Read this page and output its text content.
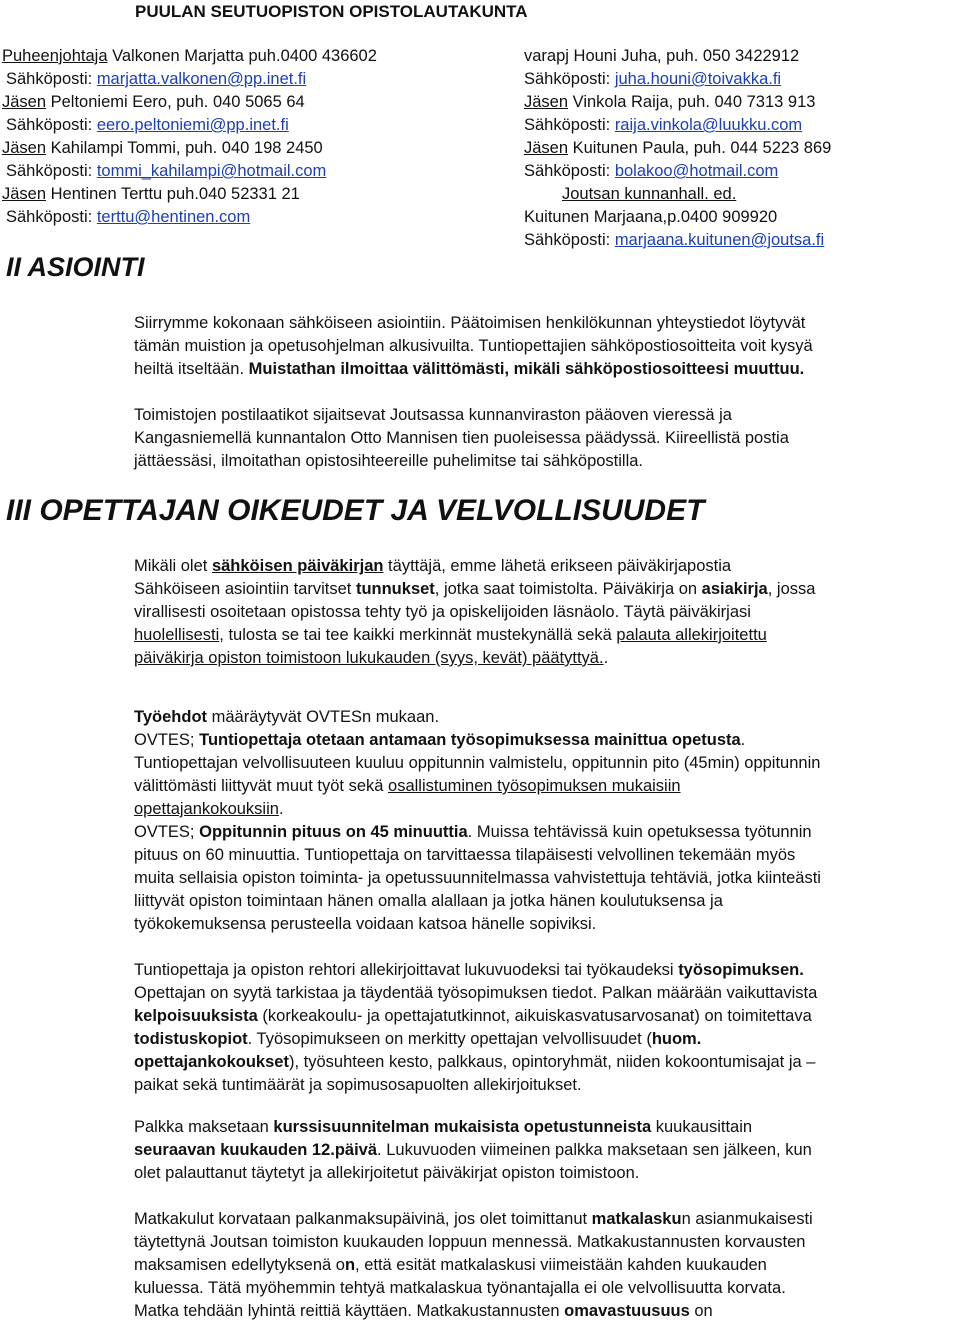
PUULAN SEUTUOPISTON OPISTOLAUTAKUNTA
Puheenjohtaja Valkonen Marjatta puh.0400 436602
Sähköposti: marjatta.valkonen@pp.inet.fi
Jäsen Peltoniemi Eero, puh. 040 5065 64
Sähköposti: eero.peltoniemi@pp.inet.fi
Jäsen Kahilampi Tommi, puh. 040 198 2450
Sähköposti: tommi_kahilampi@hotmail.com
Jäsen Hentinen Terttu puh.040 52331 21
Sähköposti: terttu@hentinen.com
varapj Houni Juha, puh. 050 3422912
Sähköposti: juha.houni@toivakka.fi
Jäsen Vinkola Raija, puh. 040 7313 913
Sähköposti: raija.vinkola@luukku.com
Jäsen Kuitunen Paula, puh. 044 5223 869
Sähköposti: bolakoo@hotmail.com
Joutsan kunnanhall. ed.
Kuitunen Marjaana,p.0400 909920
Sähköposti: marjaana.kuitunen@joutsa.fi
II ASIOINTI

Siirrymme kokonaan sähköiseen asiointiin. Päätoimisen henkilökunnan yhteystiedot löytyvät

tämän muistion ja opetusohjelman alkusivuilta. Tuntiopettajien sähköpostiosoitteita voit kysyä

heiltä itseltään. Muistathan ilmoittaa välittömästi, mikäli sähköpostiosoitteesi muuttuu.

Toimistojen postilaatikot sijaitsevat Joutsassa kunnanviraston pääoven vieressä ja

Kangasniemellä kunnantalon Otto Mannisen tien puoleisessa päädyssä. Kiireellistä postia

jättäessäsi, ilmoitathan opistosihteereille puhelimitse tai sähköpostilla.

III OPETTAJAN OIKEUDET JA VELVOLLISUUDET

Mikäli olet sähköisen päiväkirjan täyttäjä, emme lähetä erikseen päiväkirjapostia

Sähköiseen asiointiin tarvitset tunnukset, jotka saat toimistolta. Päiväkirja on asiakirja, jossa

virallisesti osoitetaan opistossa tehty työ ja opiskelijoiden läsnäolo. Täytä päiväkirjasi

huolellisesti, tulosta se tai tee kaikki merkinnät mustekynällä sekä palauta allekirjoitettu

päiväkirja opiston toimistoon lukukauden (syys, kevät) päätyttyä..

Työehdot määräytyvät OVTESn mukaan.

OVTES; Tuntiopettaja otetaan antamaan työsopimuksessa mainittua opetusta.

Tuntiopettajan velvollisuuteen kuuluu oppitunnin valmistelu, oppitunnin pito (45min) oppitunnin

välittömästi liittyvät muut työt sekä osallistuminen työsopimuksen mukaisiin

opettajankokouksiin.

OVTES; Oppitunnin pituus on 45 minuuttia. Muissa tehtävissä kuin opetuksessa työtunnin

pituus on 60 minuuttia. Tuntiopettaja on tarvittaessa tilapäisesti velvollinen tekemään myös

muita sellaisia opiston toiminta- ja opetussuunnitelmassa vahvistettuja tehtäviä, jotka kiinteästi

liittyvät opiston toimintaan hänen omalla alallaan ja jotka hänen koulutuksensa ja

työkokemuksensa perusteella voidaan katsoa hänelle sopiviksi.

Tuntiopettaja ja opiston rehtori allekirjoittavat lukuvuodeksi tai työkaudeksi työsopimuksen.

Opettajan on syytä tarkistaa ja täydentää työsopimuksen tiedot. Palkan määrään vaikuttavista

kelpoisuuksista (korkeakoulu- ja opettajatutkinnot, aikuiskasvatusarvosanat) on toimitettava

todistuskopiot. Työsopimukseen on merkitty opettajan velvollisuudet (huom.

opettajankokoukset), työsuhteen kesto, palkkaus, opintoryhmät, niiden kokoontumisajat ja –

paikat sekä tuntimäärät ja sopimusosapuolten allekirjoitukset.

Palkka maksetaan kurssisuunnitelman mukaisista opetustunneista kuukausittain

seuraavan kuukauden 12.päivä. Lukuvuoden viimeinen palkka maksetaan sen jälkeen, kun

olet palauttanut täytetyt ja allekirjoitetut päiväkirjat opiston toimistoon.

Matkakulut korvataan palkanmaksupäivinä, jos olet toimittanut matkalaskun asianmukaisesti

täytettynä Joutsan toimiston kuukauden loppuun mennessä. Matkakustannusten korvausten

maksamisen edellytyksenä on, että esität matkalaskusi viimeistään kahden kuukauden

kuluessa. Tätä myöhemmin tehtyä matkalaskua työnantajalla ei ole velvollisuutta korvata.

Matka tehdään lyhintä reittiä käyttäen. Matkakustannusten omavastuusuus on
